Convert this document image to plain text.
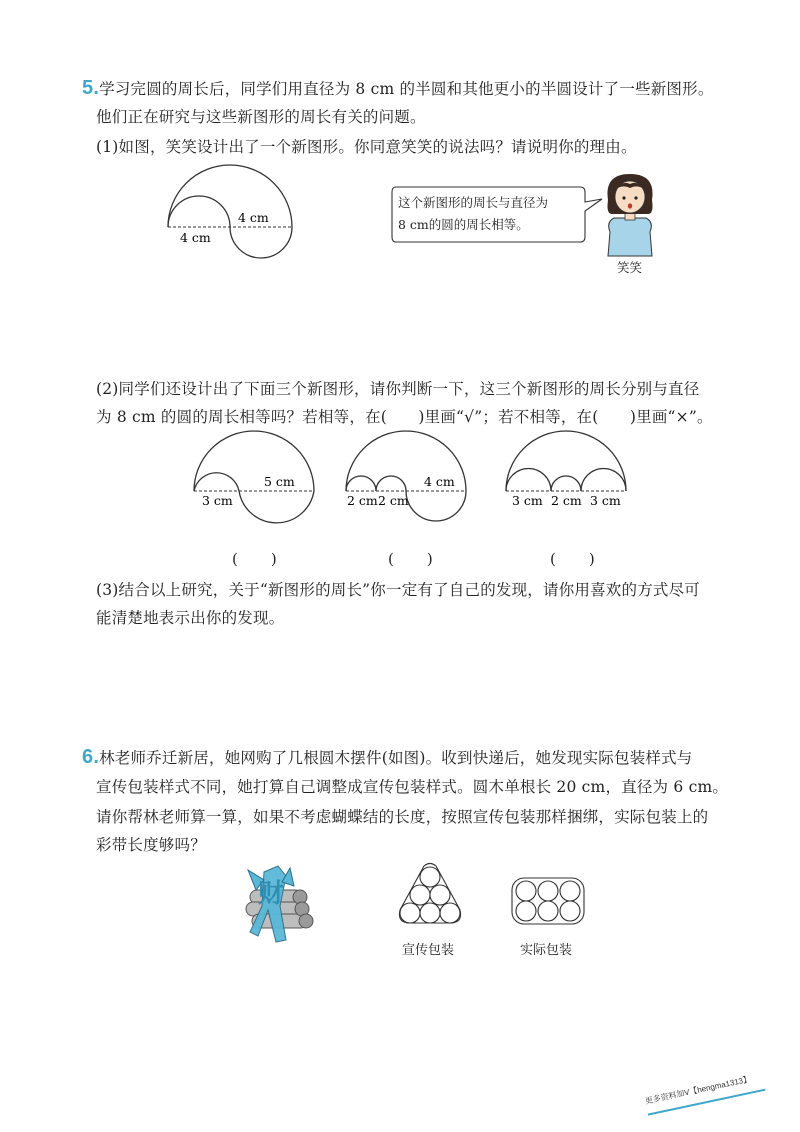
5.学习完圆的周长后，同学们用直径为 8 cm 的半圆和其他更小的半圆设计了一些新图形。
他们正在研究与这些新图形的周长有关的问题。
(1)如图，笑笑设计出了一个新图形。你同意笑笑的说法吗？请说明你的理由。
4 cm
4 cm
这个新图形的周长与直径为
8 cm的圆的周长相等。
笑笑
(2)同学们还设计出了下面三个新图形，请你判断一下，这三个新图形的周长分别与直径
为 8 cm 的圆的周长相等吗？若相等，在(　　)里画“√”；若不相等，在(　　)里画“×”。
3 cm
5 cm
2 cm 2 cm
4 cm
3 cm 2 cm 3 cm
(　　)	(　　)	(　　)
(3)结合以上研究，关于“新图形的周长”你一定有了自己的发现，请你用喜欢的方式尽可
能清楚地表示出你的发现。
6.林老师乔迁新居，她网购了几根圆木摆件(如图)。收到快递后，她发现实际包装样式与
宣传包装样式不同，她打算自己调整成宣传包装样式。圆木单根长 20 cm，直径为 6 cm。
请你帮林老师算一算，如果不考虑蝴蝶结的长度，按照宣传包装那样捆绑，实际包装上的
彩带长度够吗？
财
宣传包装	实际包装
更多资料加V【hengma1313】
